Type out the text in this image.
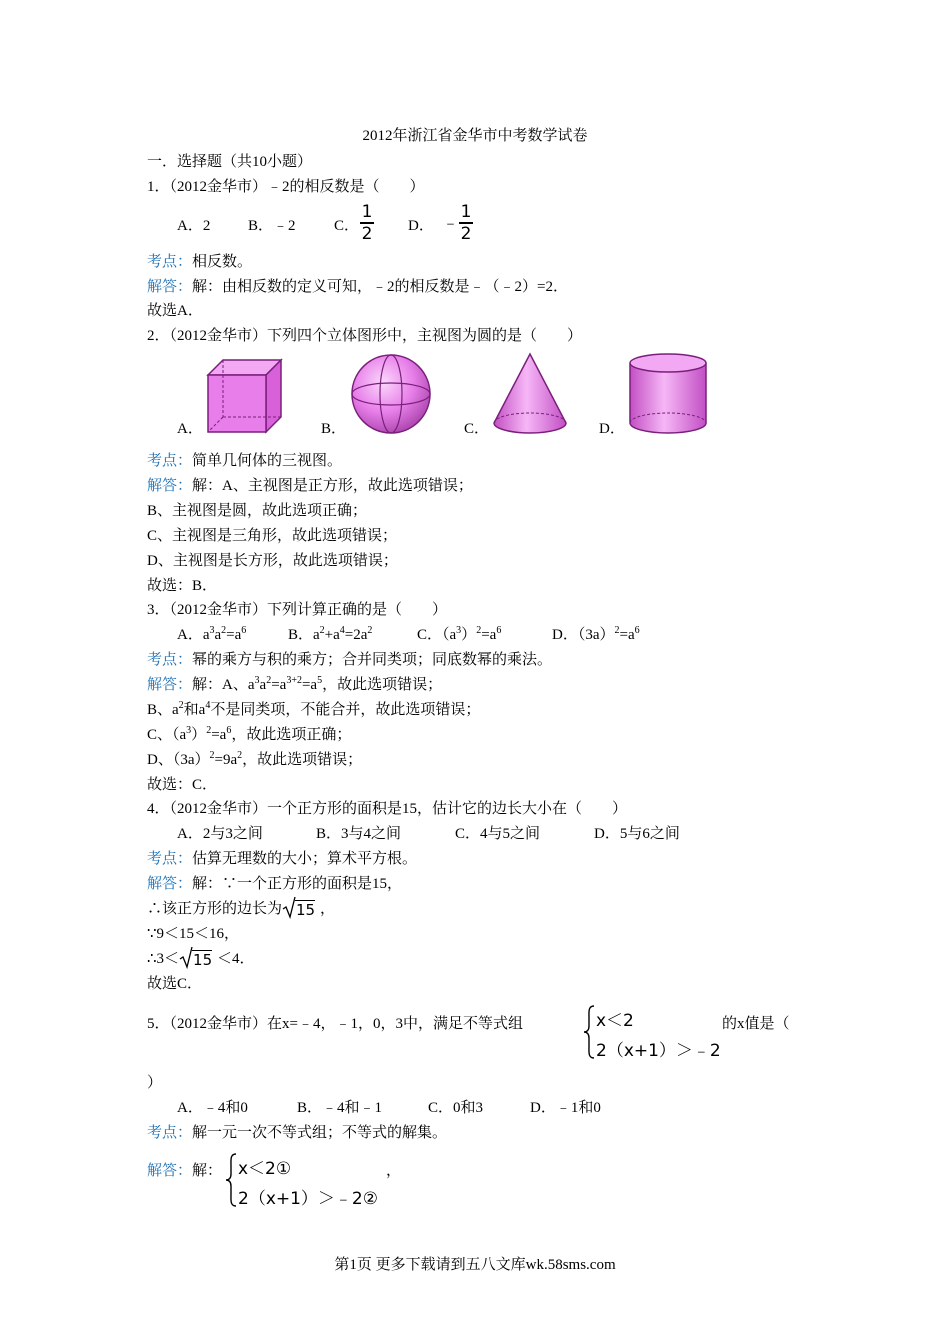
2012年浙江省金华市中考数学试卷
一．选择题（共10小题）
1．（2012金华市）﹣2的相反数是（　　）
A．2	B．﹣2	C．
1
2 D． ﹣
1
2
考点：相反数。
解答：解：由相反数的定义可知，﹣2的相反数是﹣（﹣2）=2．
故选A．
2．（2012金华市）下列四个立体图形中，主视图为圆的是（　　）
A．	B．	C．	D．
考点：简单几何体的三视图。
解答：解：A、主视图是正方形，故此选项错误；
B、主视图是圆，故此选项正确；
C、主视图是三角形，故此选项错误；
D、主视图是长方形，故此选项错误；
故选：B．
3．（2012金华市）下列计算正确的是（　　）
A．$a^3a^2=a^6$	B．$a^2+a^4=2a^2$	C．$(a^3)^2=a^6$	D．$(3a)^2=a^6$
考点：幂的乘方与积的乘方；合并同类项；同底数幂的乘法。
解答：解：A、$a^3a^2=a^{3+2}=a^5$，故此选项错误；
B、$a^2$和$a^4$不是同类项，不能合并，故此选项错误；
C、$(a^3)^2=a^6$，故此选项正确；
D、$(3a)^2=9a^2$，故此选项错误；
故选：C．
4．（2012金华市）一个正方形的面积是15，估计它的边长大小在（　　）
A．2与3之间	B．3与4之间	C．4与5之间	D．5与6之间
考点：估算无理数的大小；算术平方根。
解答：解：∵一个正方形的面积是15，
∴该正方形的边长为 15 ，
∵9＜15＜16，
∴3＜ 15 ＜4．
故选C．
5．（2012金华市）在x=﹣4，﹣1，0，3中，满足不等式组	x＜2
2（x+1）＞﹣2
的x值是（
）
A．﹣4和0	B．﹣4和﹣1	C．0和3	D．﹣1和0
考点：解一元一次不等式组；不等式的解集。
解答：解： x＜2①
2（x+1）＞﹣2②
，
第1页 更多下载请到五八文库wk.58sms.com
